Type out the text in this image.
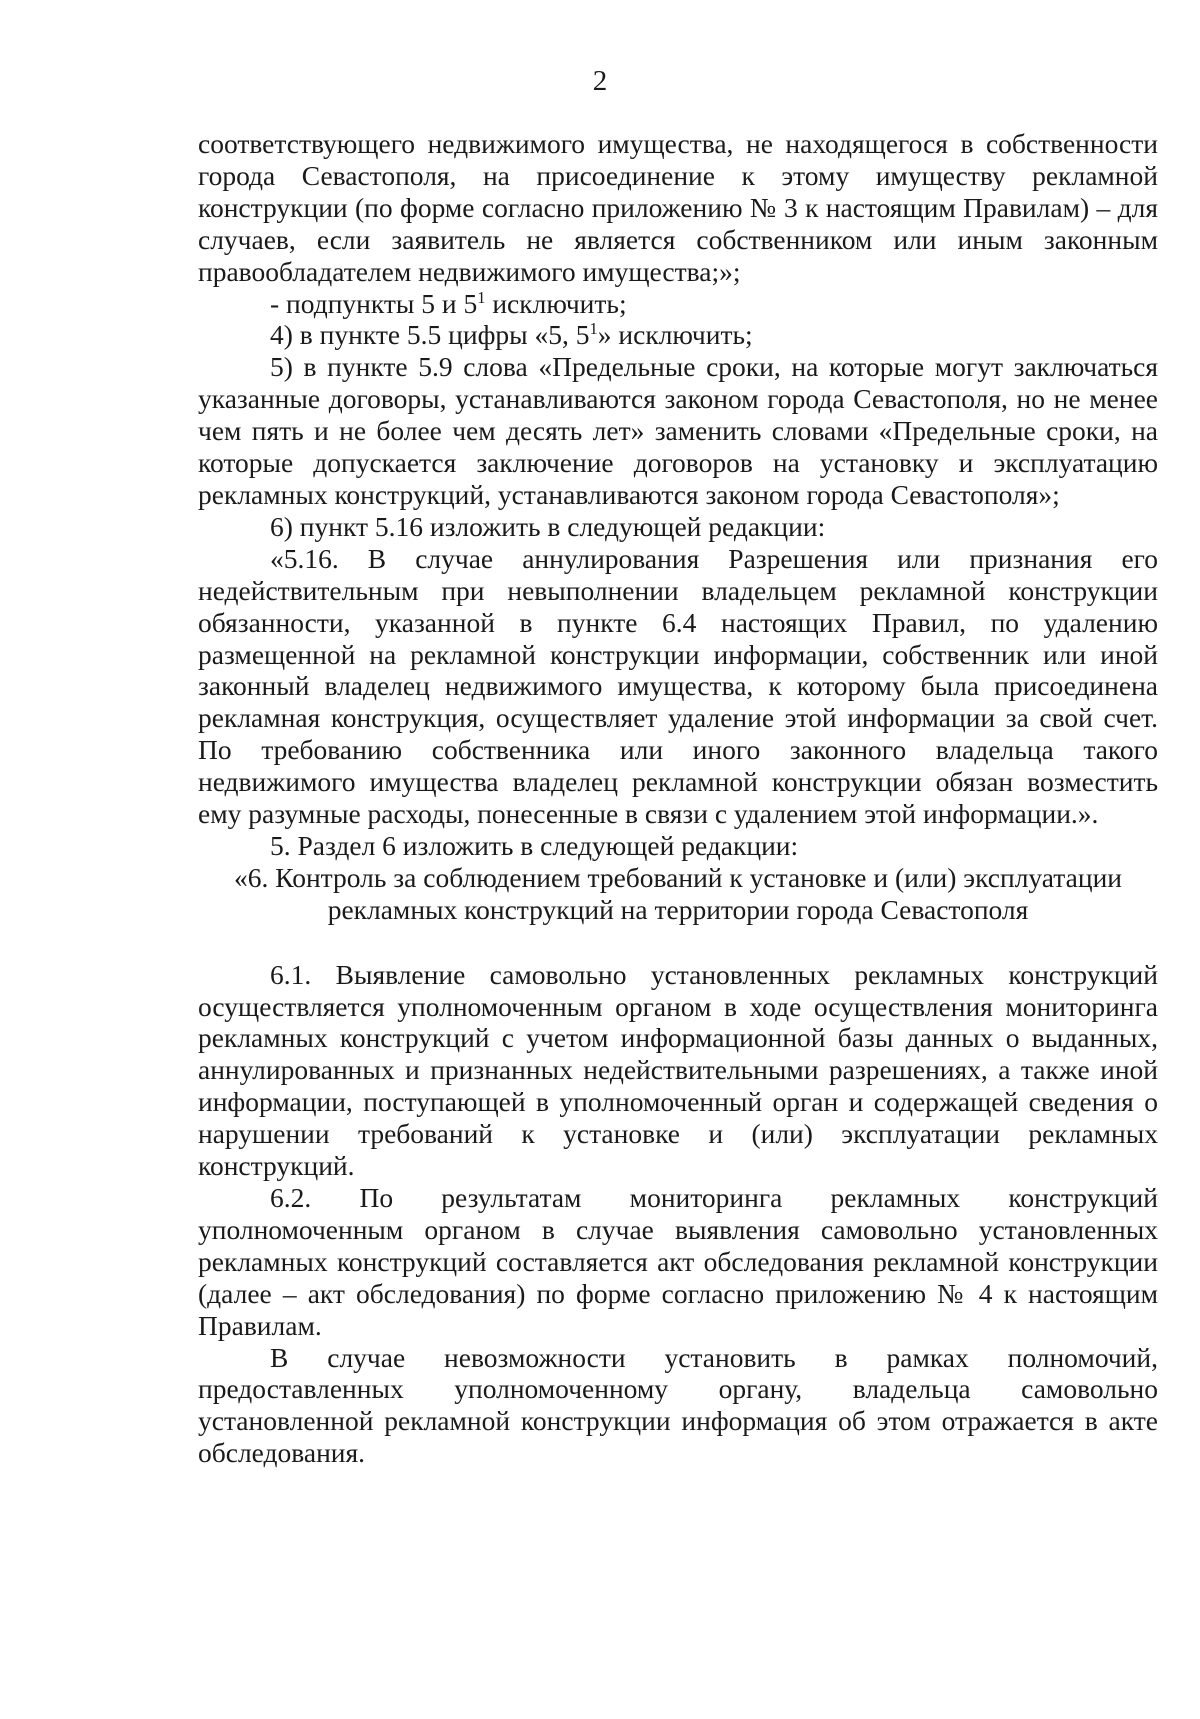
2

соответствующего недвижимого имущества, не находящегося в собственности города Севастополя, на присоединение к этому имуществу рекламной конструкции (по форме согласно приложению № 3 к настоящим Правилам) – для случаев, если заявитель не является собственником или иным законным правообладателем недвижимого имущества;»;

- подпункты 5 и $5^1$ исключить;

4) в пункте 5.5 цифры «5, $5^1$» исключить;

5) в пункте 5.9 слова «Предельные сроки, на которые могут заключаться указанные договоры, устанавливаются законом города Севастополя, но не менее чем пять и не более чем десять лет» заменить словами «Предельные сроки, на которые допускается заключение договоров на установку и эксплуатацию рекламных конструкций, устанавливаются законом города Севастополя»;

6) пункт 5.16 изложить в следующей редакции:

«5.16. В случае аннулирования Разрешения или признания его недействительным при невыполнении владельцем рекламной конструкции обязанности, указанной в пункте 6.4 настоящих Правил, по удалению размещенной на рекламной конструкции информации, собственник или иной законный владелец недвижимого имущества, к которому была присоединена рекламная конструкция, осуществляет удаление этой информации за свой счет. По требованию собственника или иного законного владельца такого недвижимого имущества владелец рекламной конструкции обязан возместить ему разумные расходы, понесенные в связи с удалением этой информации.».

5. Раздел 6 изложить в следующей редакции:

«6. Контроль за соблюдением требований к установке и (или) эксплуатации рекламных конструкций на территории города Севастополя

6.1. Выявление самовольно установленных рекламных конструкций осуществляется уполномоченным органом в ходе осуществления мониторинга рекламных конструкций с учетом информационной базы данных о выданных, аннулированных и признанных недействительными разрешениях, а также иной информации, поступающей в уполномоченный орган и содержащей сведения о нарушении требований к установке и (или) эксплуатации рекламных конструкций.

6.2. По результатам мониторинга рекламных конструкций уполномоченным органом в случае выявления самовольно установленных рекламных конструкций составляется акт обследования рекламной конструкции (далее – акт обследования) по форме согласно приложению № 4 к настоящим Правилам.

В случае невозможности установить в рамках полномочий, предоставленных уполномоченному органу, владельца самовольно установленной рекламной конструкции информация об этом отражается в акте обследования.
